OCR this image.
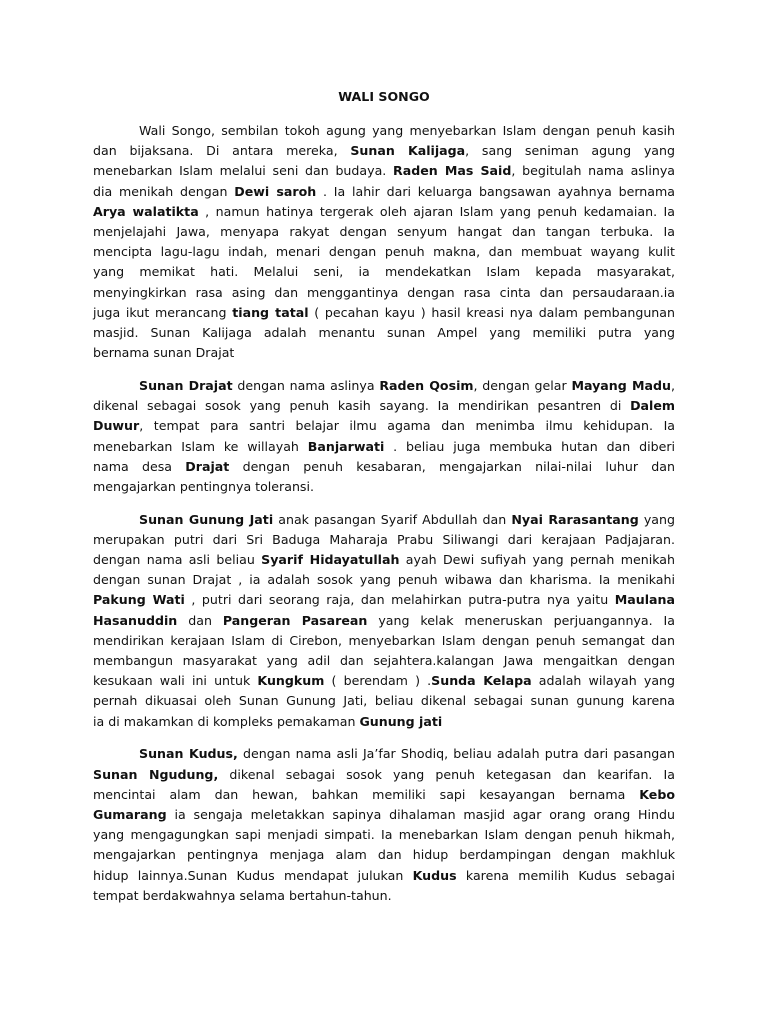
WALI SONGO
Wali Songo, sembilan tokoh agung yang menyebarkan Islam dengan penuh kasih
dan bijaksana. Di antara mereka, Sunan Kalijaga, sang seniman agung yang
menebarkan Islam melalui seni dan budaya. Raden Mas Said, begitulah nama aslinya
dia menikah dengan Dewi saroh . Ia lahir dari keluarga bangsawan ayahnya bernama
Arya walatikta , namun hatinya tergerak oleh ajaran Islam yang penuh kedamaian. Ia
menjelajahi Jawa, menyapa rakyat dengan senyum hangat dan tangan terbuka. Ia
mencipta lagu-lagu indah, menari dengan penuh makna, dan membuat wayang kulit
yang memikat hati. Melalui seni, ia mendekatkan Islam kepada masyarakat,
menyingkirkan rasa asing dan menggantinya dengan rasa cinta dan persaudaraan.ia
juga ikut merancang tiang tatal ( pecahan kayu ) hasil kreasi nya dalam pembangunan
masjid. Sunan Kalijaga adalah menantu sunan Ampel yang memiliki putra yang
bernama sunan Drajat
Sunan Drajat dengan nama aslinya Raden Qosim, dengan gelar Mayang Madu,
dikenal sebagai sosok yang penuh kasih sayang. Ia mendirikan pesantren di Dalem
Duwur, tempat para santri belajar ilmu agama dan menimba ilmu kehidupan. Ia
menebarkan Islam ke willayah Banjarwati . beliau juga membuka hutan dan diberi
nama desa Drajat dengan penuh kesabaran, mengajarkan nilai-nilai luhur dan
mengajarkan pentingnya toleransi.
Sunan Gunung Jati anak pasangan Syarif Abdullah dan Nyai Rarasantang yang
merupakan putri dari Sri Baduga Maharaja Prabu Siliwangi dari kerajaan Padjajaran.
dengan nama asli beliau Syarif Hidayatullah ayah Dewi sufiyah yang pernah menikah
dengan sunan Drajat , ia adalah sosok yang penuh wibawa dan kharisma. Ia menikahi
Pakung Wati , putri dari seorang raja, dan melahirkan putra-putra nya yaitu Maulana
Hasanuddin dan Pangeran Pasarean yang kelak meneruskan perjuangannya. Ia
mendirikan kerajaan Islam di Cirebon, menyebarkan Islam dengan penuh semangat dan
membangun masyarakat yang adil dan sejahtera.kalangan Jawa mengaitkan dengan
kesukaan wali ini untuk Kungkum ( berendam ) .Sunda Kelapa adalah wilayah yang
pernah dikuasai oleh Sunan Gunung Jati, beliau dikenal sebagai sunan gunung karena
ia di makamkan di kompleks pemakaman Gunung jati
Sunan Kudus, dengan nama asli Ja’far Shodiq, beliau adalah putra dari pasangan
Sunan Ngudung, dikenal sebagai sosok yang penuh ketegasan dan kearifan. Ia
mencintai alam dan hewan, bahkan memiliki sapi kesayangan bernama Kebo
Gumarang ia sengaja meletakkan sapinya dihalaman masjid agar orang orang Hindu
yang mengagungkan sapi menjadi simpati. Ia menebarkan Islam dengan penuh hikmah,
mengajarkan pentingnya menjaga alam dan hidup berdampingan dengan makhluk
hidup lainnya.Sunan Kudus mendapat julukan Kudus karena memilih Kudus sebagai
tempat berdakwahnya selama bertahun-tahun.
